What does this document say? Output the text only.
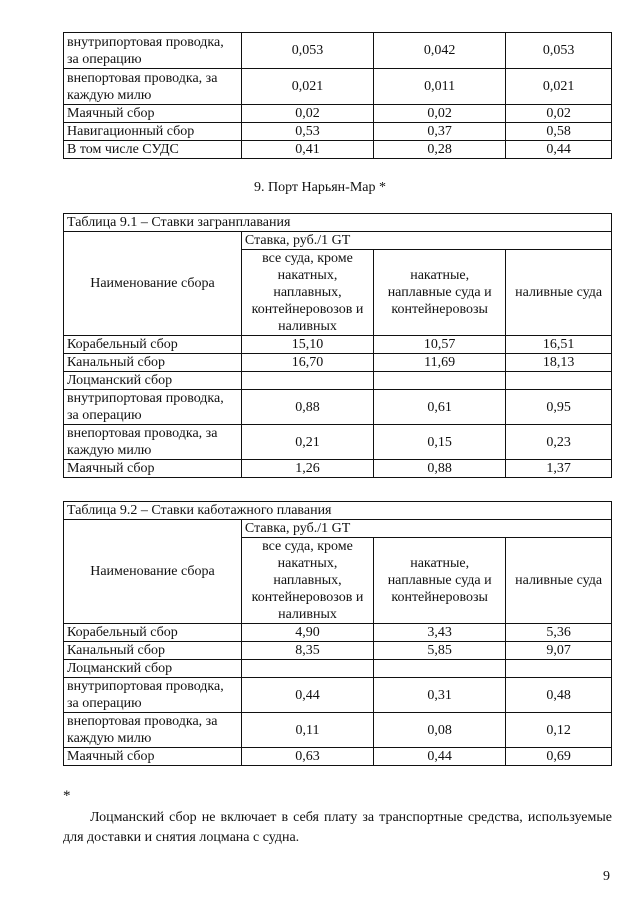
внутрипортовая проводка, за операцию	0,053	0,042	0,053
внепортовая проводка, за каждую милю	0,021	0,011	0,021
Маячный сбор	0,02	0,02	0,02
Навигационный сбор	0,53	0,37	0,58
В том числе СУДС	0,41	0,28	0,44
9. Порт Нарьян-Мар *
Таблица 9.1 – Ставки загранплавания			
Наименование сбора	Ставка, руб./1 GT		
	все суда, кроме накатных, наплавных, контейнеровозов и наливных	накатные, наплавные суда и контейнеровозы	наливные суда
Корабельный сбор	15,10	10,57	16,51
Канальный сбор	16,70	11,69	18,13
Лоцманский сбор			
внутрипортовая проводка, за операцию	0,88	0,61	0,95
внепортовая проводка, за каждую милю	0,21	0,15	0,23
Маячный сбор	1,26	0,88	1,37
Таблица 9.2 – Ставки каботажного плавания			
Наименование сбора	Ставка, руб./1 GT		
	все суда, кроме накатных, наплавных, контейнеровозов и наливных	накатные, наплавные суда и контейнеровозы	наливные суда
Корабельный сбор	4,90	3,43	5,36
Канальный сбор	8,35	5,85	9,07
Лоцманский сбор			
внутрипортовая проводка, за операцию	0,44	0,31	0,48
внепортовая проводка, за каждую милю	0,11	0,08	0,12
Маячный сбор	0,63	0,44	0,69
*
Лоцманский сбор не включает в себя плату за транспортные средства, используемые для доставки и снятия лоцмана с судна.
9
